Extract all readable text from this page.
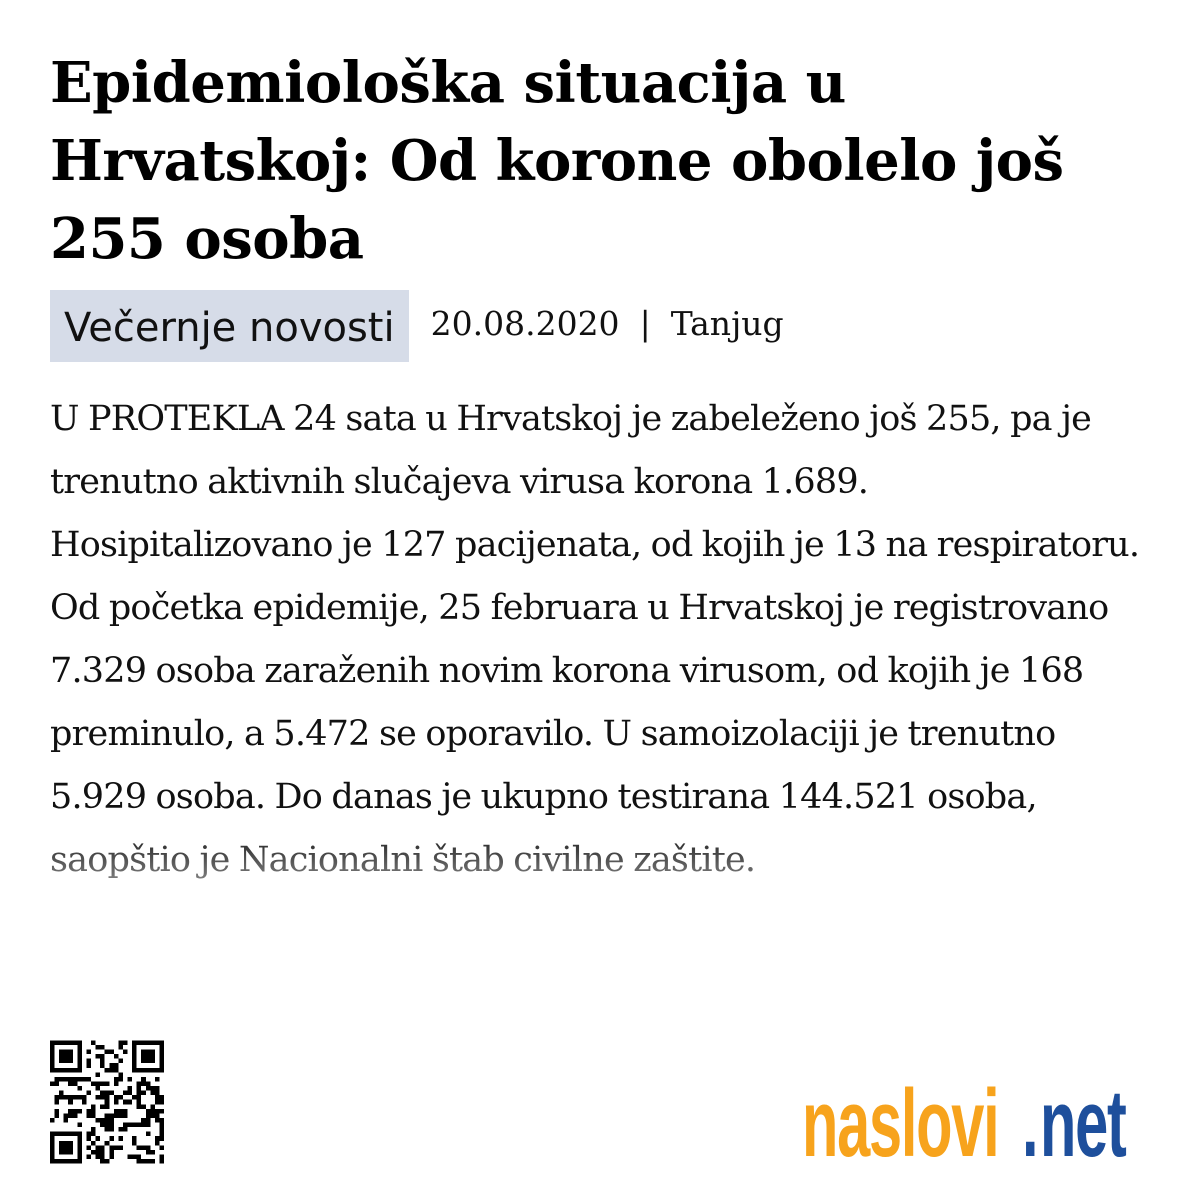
Epidemiološka situacija u Hrvatskoj: Od korone obolelo još 255 osoba
Večernje novosti	20.08.2020 | Tanjug

U PROTEKLA 24 sata u Hrvatskoj je zabeleženo još 255, pa je trenutno aktivnih slučajeva virusa korona 1.689. Hosipitalizovano je 127 pacijenata, od kojih je 13 na respiratoru. Od početka epidemije, 25 februara u Hrvatskoj je registrovano 7.329 osoba zaraženih novim korona virusom, od kojih je 168 preminulo, a 5.472 se oporavilo. U samoizolaciji je trenutno 5.929 osoba. Do danas je ukupno testirana 144.521 osoba, saopštio je Nacionalni štab civilne zaštite.

naslovi . net
